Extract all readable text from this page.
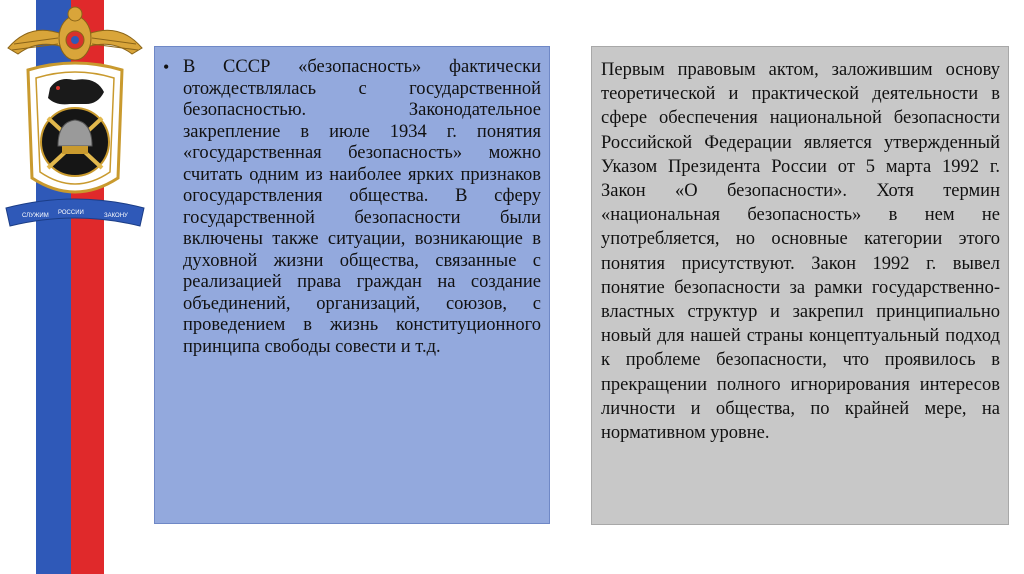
СЛУЖИМ РОССИИ	ЗАКОНУ
• В СССР «безопасность» фактически отождествлялась с государственной безопасностью. Законодательное закрепление в июле 1934 г. понятия «государственная безопасность» можно считать одним из наиболее ярких признаков огосударствления общества. В сферу государственной безопасности были включены также ситуации, возникающие в духовной жизни общества, связанные с реализацией права граждан на создание объединений, организаций, союзов, с проведением в жизнь конституционного принципа свободы совести и т.д.

Первым правовым актом, заложившим основу теоретической и практической деятельности в сфере обеспечения национальной безопасности Российской Федерации является утвержденный Указом Президента России от 5 марта 1992 г. Закон «О безопасности». Хотя термин «национальная безопасность» в нем не употребляется, но основные категории этого понятия присутствуют. Закон 1992 г. вывел понятие безопасности за рамки государственно-властных структур и закрепил принципиально новый для нашей страны концептуальный подход к проблеме безопасности, что проявилось в прекращении полного игнорирования интересов личности и общества, по крайней мере, на нормативном уровне.
